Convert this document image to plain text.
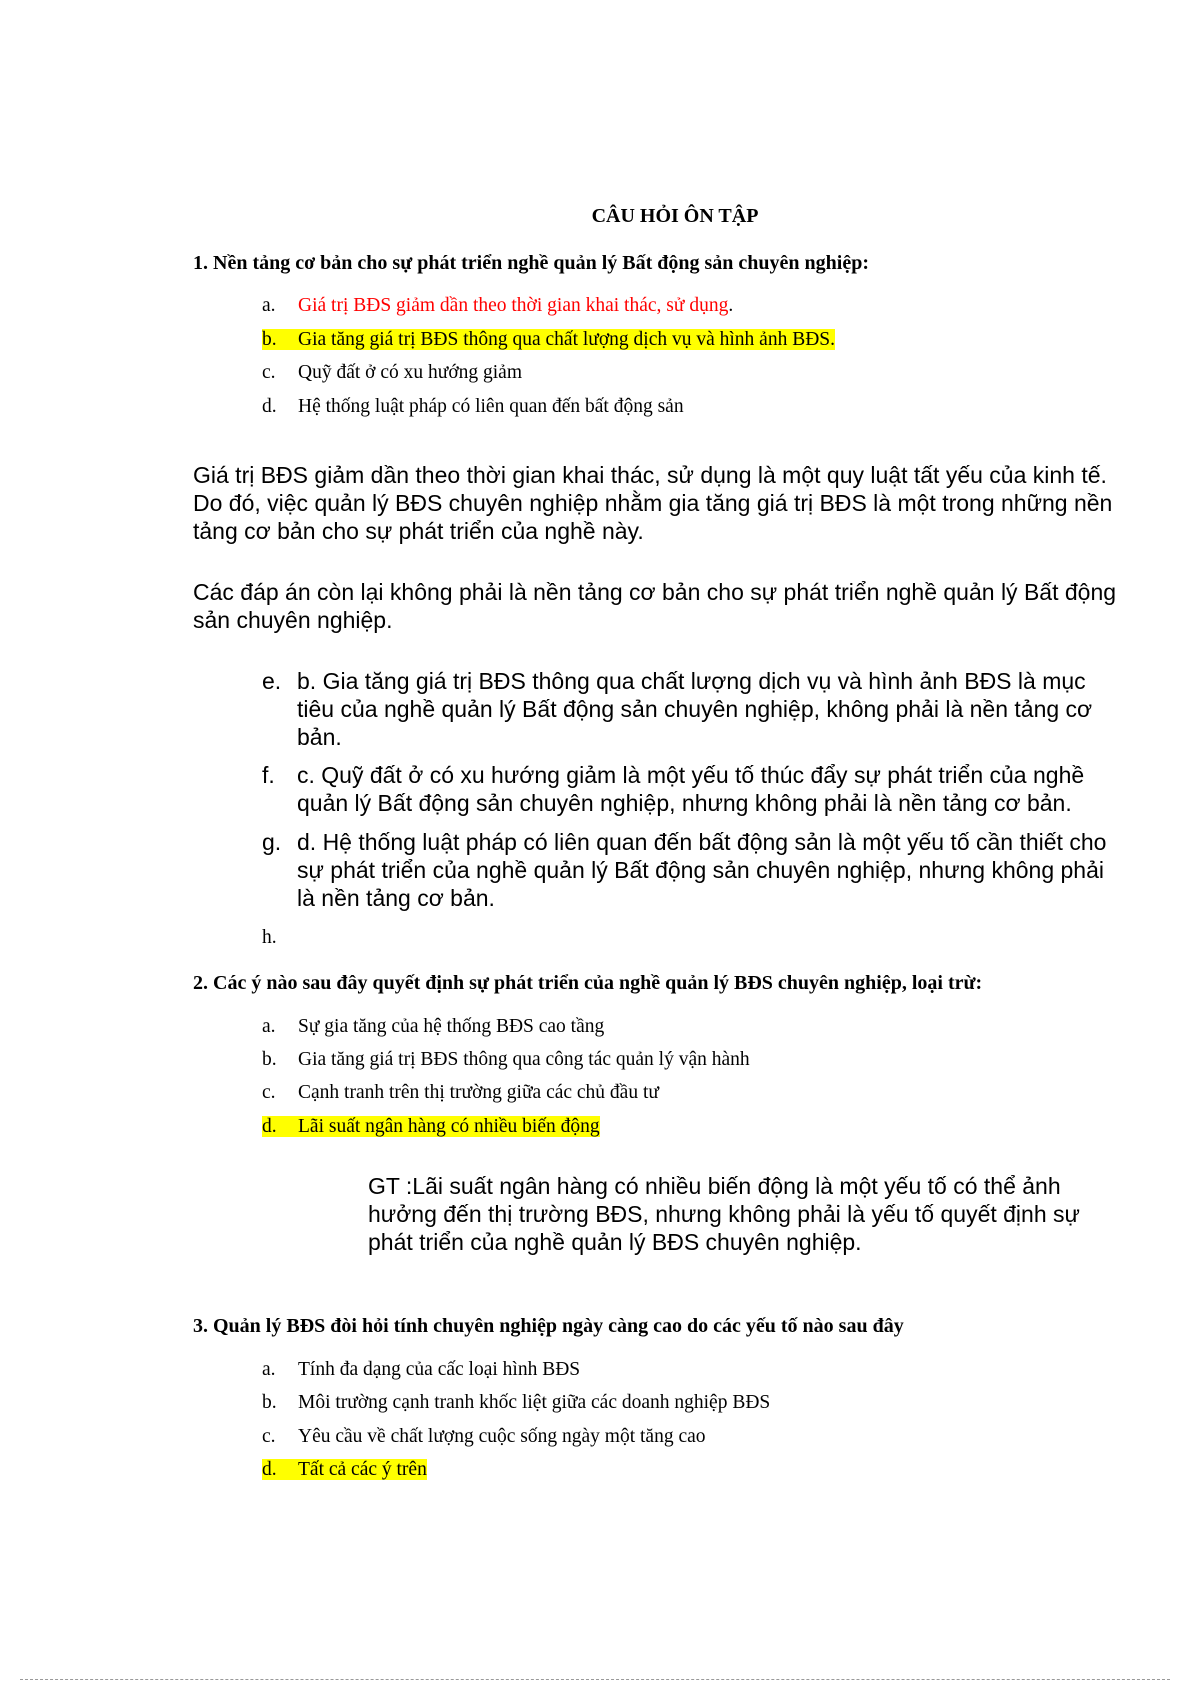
CÂU HỎI ÔN TẬP
1. Nền tảng cơ bản cho sự phát triển nghề quản lý Bất động sản chuyên nghiệp:
a. Giá trị BĐS giảm dần theo thời gian khai thác, sử dụng.
b. Gia tăng giá trị BĐS thông qua chất lượng dịch vụ và hình ảnh BĐS.
c. Quỹ đất ở có xu hướng giảm
d. Hệ thống luật pháp có liên quan đến bất động sản
Giá trị BĐS giảm dần theo thời gian khai thác, sử dụng là một quy luật tất yếu của kinh tế. Do đó, việc quản lý BĐS chuyên nghiệp nhằm gia tăng giá trị BĐS là một trong những nền tảng cơ bản cho sự phát triển của nghề này.
Các đáp án còn lại không phải là nền tảng cơ bản cho sự phát triển nghề quản lý Bất động sản chuyên nghiệp.
e. b. Gia tăng giá trị BĐS thông qua chất lượng dịch vụ và hình ảnh BĐS là mục tiêu của nghề quản lý Bất động sản chuyên nghiệp, không phải là nền tảng cơ bản.
f. c. Quỹ đất ở có xu hướng giảm là một yếu tố thúc đẩy sự phát triển của nghề quản lý Bất động sản chuyên nghiệp, nhưng không phải là nền tảng cơ bản.
g. d. Hệ thống luật pháp có liên quan đến bất động sản là một yếu tố cần thiết cho sự phát triển của nghề quản lý Bất động sản chuyên nghiệp, nhưng không phải là nền tảng cơ bản.
h.
2. Các ý nào sau đây quyết định sự phát triển của nghề quản lý BĐS chuyên nghiệp, loại trừ:
a. Sự gia tăng của hệ thống BĐS cao tầng
b. Gia tăng giá trị BĐS thông qua công tác quản lý vận hành
c. Cạnh tranh trên thị trường giữa các chủ đầu tư
d. Lãi suất ngân hàng có nhiều biến động
GT :Lãi suất ngân hàng có nhiều biến động là một yếu tố có thể ảnh hưởng đến thị trường BĐS, nhưng không phải là yếu tố quyết định sự phát triển của nghề quản lý BĐS chuyên nghiệp.
3. Quản lý BĐS đòi hỏi tính chuyên nghiệp ngày càng cao do các yếu tố nào sau đây
a. Tính đa dạng của cấc loại hình BĐS
b. Môi trường cạnh tranh khốc liệt giữa các doanh nghiệp BĐS
c. Yêu cầu về chất lượng cuộc sống ngày một tăng cao
d. Tất cả các ý trên
